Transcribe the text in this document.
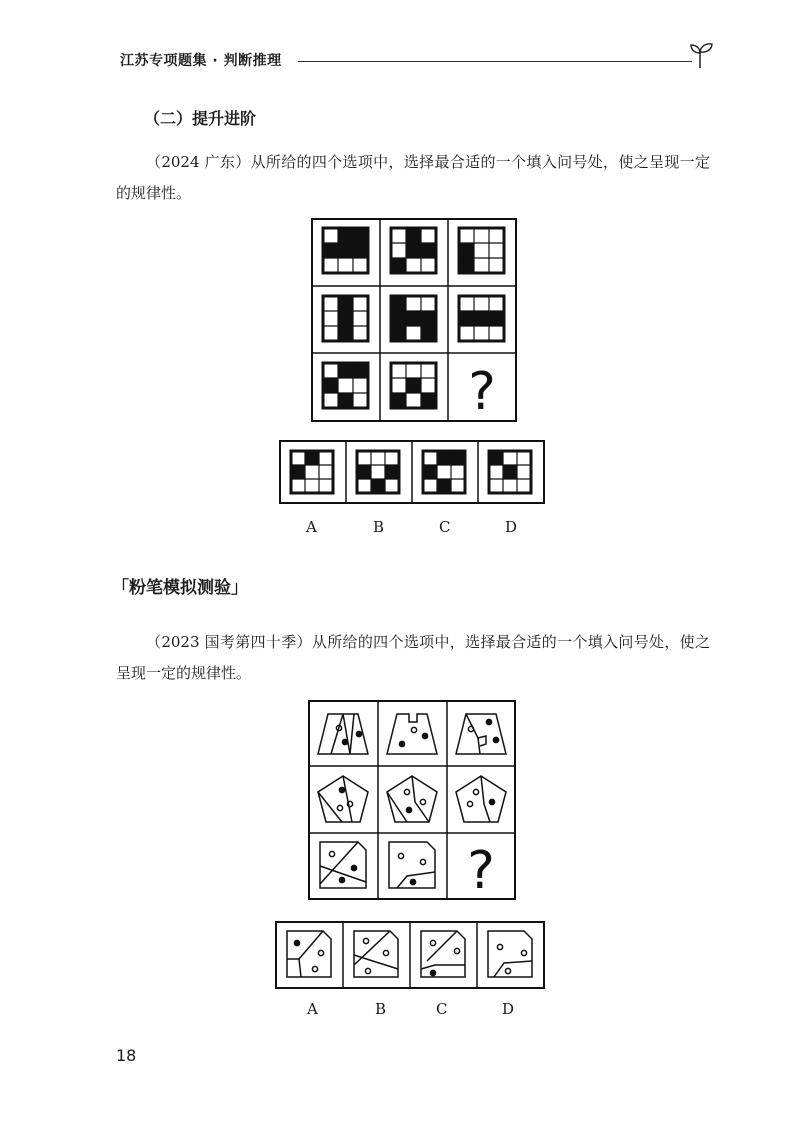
江苏专项题集 · 判断推理
（二）提升进阶
（2024 广东）从所给的四个选项中，选择最合适的一个填入问号处，使之呈现一定的规律性。
?
A	B	C	D
「粉笔模拟测验」
（2023 国考第四十季）从所给的四个选项中，选择最合适的一个填入问号处，使之呈现一定的规律性。
?
A	B	C	D
18
